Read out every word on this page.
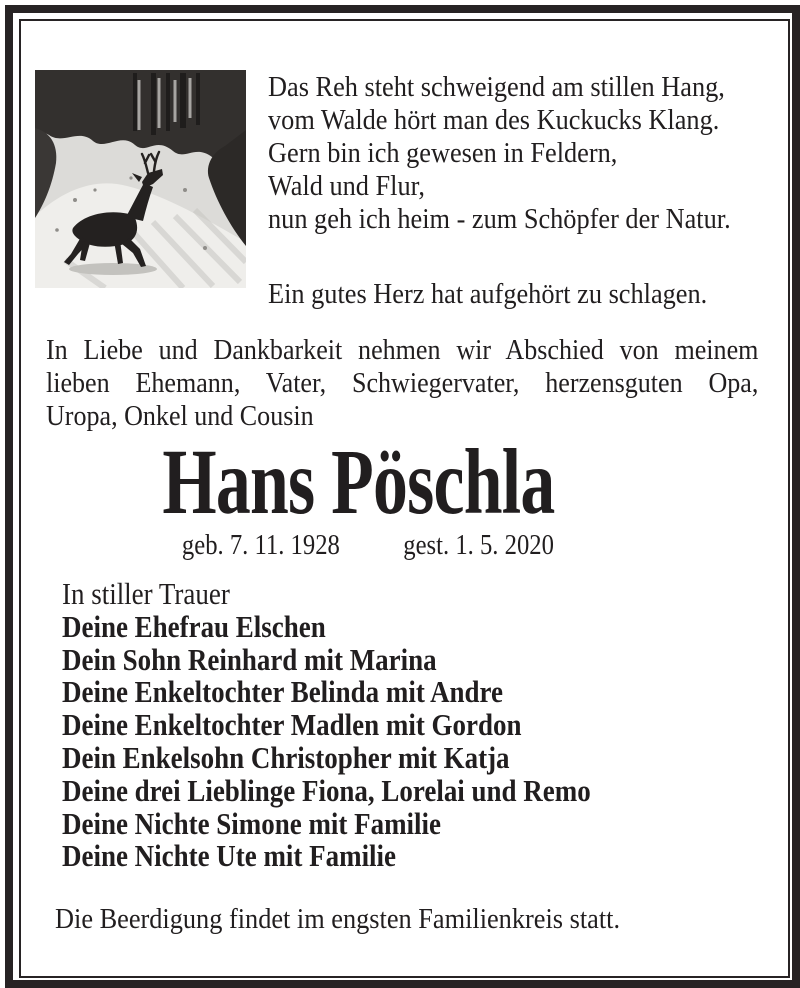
Das Reh steht schweigend am stillen Hang,
vom Walde hört man des Kuckucks Klang.
Gern bin ich gewesen in Feldern,
Wald und Flur,
nun geh ich heim - zum Schöpfer der Natur.
Ein gutes Herz hat aufgehört zu schlagen.
In Liebe und Dankbarkeit nehmen wir Abschied von meinem
lieben Ehemann, Vater, Schwiegervater, herzensguten Opa,
Uropa, Onkel und Cousin
Hans Pöschla
geb. 7. 11. 1928 gest. 1. 5. 2020
In stiller Trauer
Deine Ehefrau Elschen
Dein Sohn Reinhard mit Marina
Deine Enkeltochter Belinda mit Andre
Deine Enkeltochter Madlen mit Gordon
Dein Enkelsohn Christopher mit Katja
Deine drei Lieblinge Fiona, Lorelai und Remo
Deine Nichte Simone mit Familie
Deine Nichte Ute mit Familie
Die Beerdigung findet im engsten Familienkreis statt.
